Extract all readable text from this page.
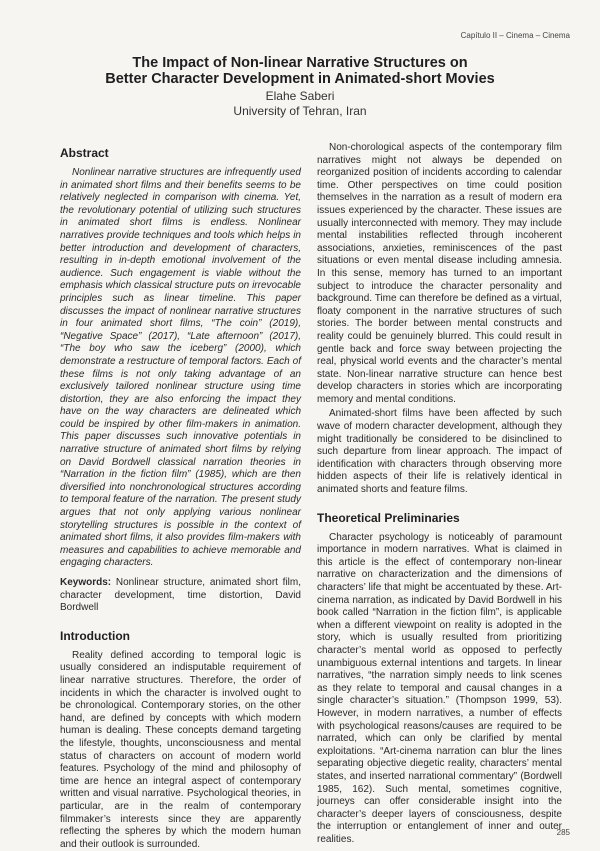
Capítulo II – Cinema – Cinema
The Impact of Non-linear Narrative Structures on
Better Character Development in Animated-short Movies
Elahe Saberi
University of Tehran, Iran
Abstract

Nonlinear narrative structures are infrequently used in animated short films and their benefits seems to be relatively neglected in comparison with cinema. Yet, the revolutionary potential of utilizing such structures in animated short films is endless. Nonlinear narratives provide techniques and tools which helps in better introduction and development of characters, resulting in in-depth emotional involvement of the audience. Such engagement is viable without the emphasis which classical structure puts on irrevocable principles such as linear timeline. This paper discusses the impact of nonlinear narrative structures in four animated short films, “The coin” (2019), “Negative Space” (2017), “Late afternoon” (2017), “The boy who saw the iceberg” (2000), which demonstrate a restructure of temporal factors. Each of these films is not only taking advantage of an exclusively tailored nonlinear structure using time distortion, they are also enforcing the impact they have on the way characters are delineated which could be inspired by other film-makers in animation. This paper discusses such innovative potentials in narrative structure of animated short films by relying on David Bordwell classical narration theories in “Narration in the fiction film” (1985), which are then diversified into nonchronological structures according to temporal feature of the narration. The present study argues that not only applying various nonlinear storytelling structures is possible in the context of animated short films, it also provides film-makers with measures and capabilities to achieve memorable and engaging characters.

Keywords: Nonlinear structure, animated short film, character development, time distortion, David Bordwell

Introduction

Reality defined according to temporal logic is usually considered an indisputable requirement of linear narrative structures. Therefore, the order of incidents in which the character is involved ought to be chronological. Contemporary stories, on the other hand, are defined by concepts with which modern human is dealing. These concepts demand targeting the lifestyle, thoughts, unconsciousness and mental status of characters on account of modern world features. Psychology of the mind and philosophy of time are hence an integral aspect of contemporary written and visual narrative. Psychological theories, in particular, are in the realm of contemporary filmmaker’s interests since they are apparently reflecting the spheres by which the modern human and their outlook is surrounded.

Non-chorological aspects of the contemporary film narratives might not always be depended on reorganized position of incidents according to calendar time. Other perspectives on time could position themselves in the narration as a result of modern era issues experienced by the character. These issues are usually interconnected with memory. They may include mental instabilities reflected through incoherent associations, anxieties, reminiscences of the past situations or even mental disease including amnesia. In this sense, memory has turned to an important subject to introduce the character personality and background. Time can therefore be defined as a virtual, floaty component in the narrative structures of such stories. The border between mental constructs and reality could be genuinely blurred. This could result in gentle back and force sway between projecting the real, physical world events and the character’s mental state. Non-linear narrative structure can hence best develop characters in stories which are incorporating memory and mental conditions.

Animated-short films have been affected by such wave of modern character development, although they might traditionally be considered to be disinclined to such departure from linear approach. The impact of identification with characters through observing more hidden aspects of their life is relatively identical in animated shorts and feature films.

Theoretical Preliminaries

Character psychology is noticeably of paramount importance in modern narratives. What is claimed in this article is the effect of contemporary non-linear narrative on characterization and the dimensions of characters’ life that might be accentuated by these. Art-cinema narration, as indicated by David Bordwell in his book called “Narration in the fiction film”, is applicable when a different viewpoint on reality is adopted in the story, which is usually resulted from prioritizing character’s mental world as opposed to perfectly unambiguous external intentions and targets. In linear narratives, “the narration simply needs to link scenes as they relate to temporal and causal changes in a single character’s situation.” (Thompson 1999, 53). However, in modern narratives, a number of effects with psychological reasons/causes are required to be narrated, which can only be clarified by mental exploitations. “Art-cinema narration can blur the lines separating objective diegetic reality, characters’ mental states, and inserted narrational commentary” (Bordwell 1985, 162). Such mental, sometimes cognitive, journeys can offer considerable insight into the character’s deeper layers of consciousness, despite the interruption or entanglement of inner and outer realities.

285
